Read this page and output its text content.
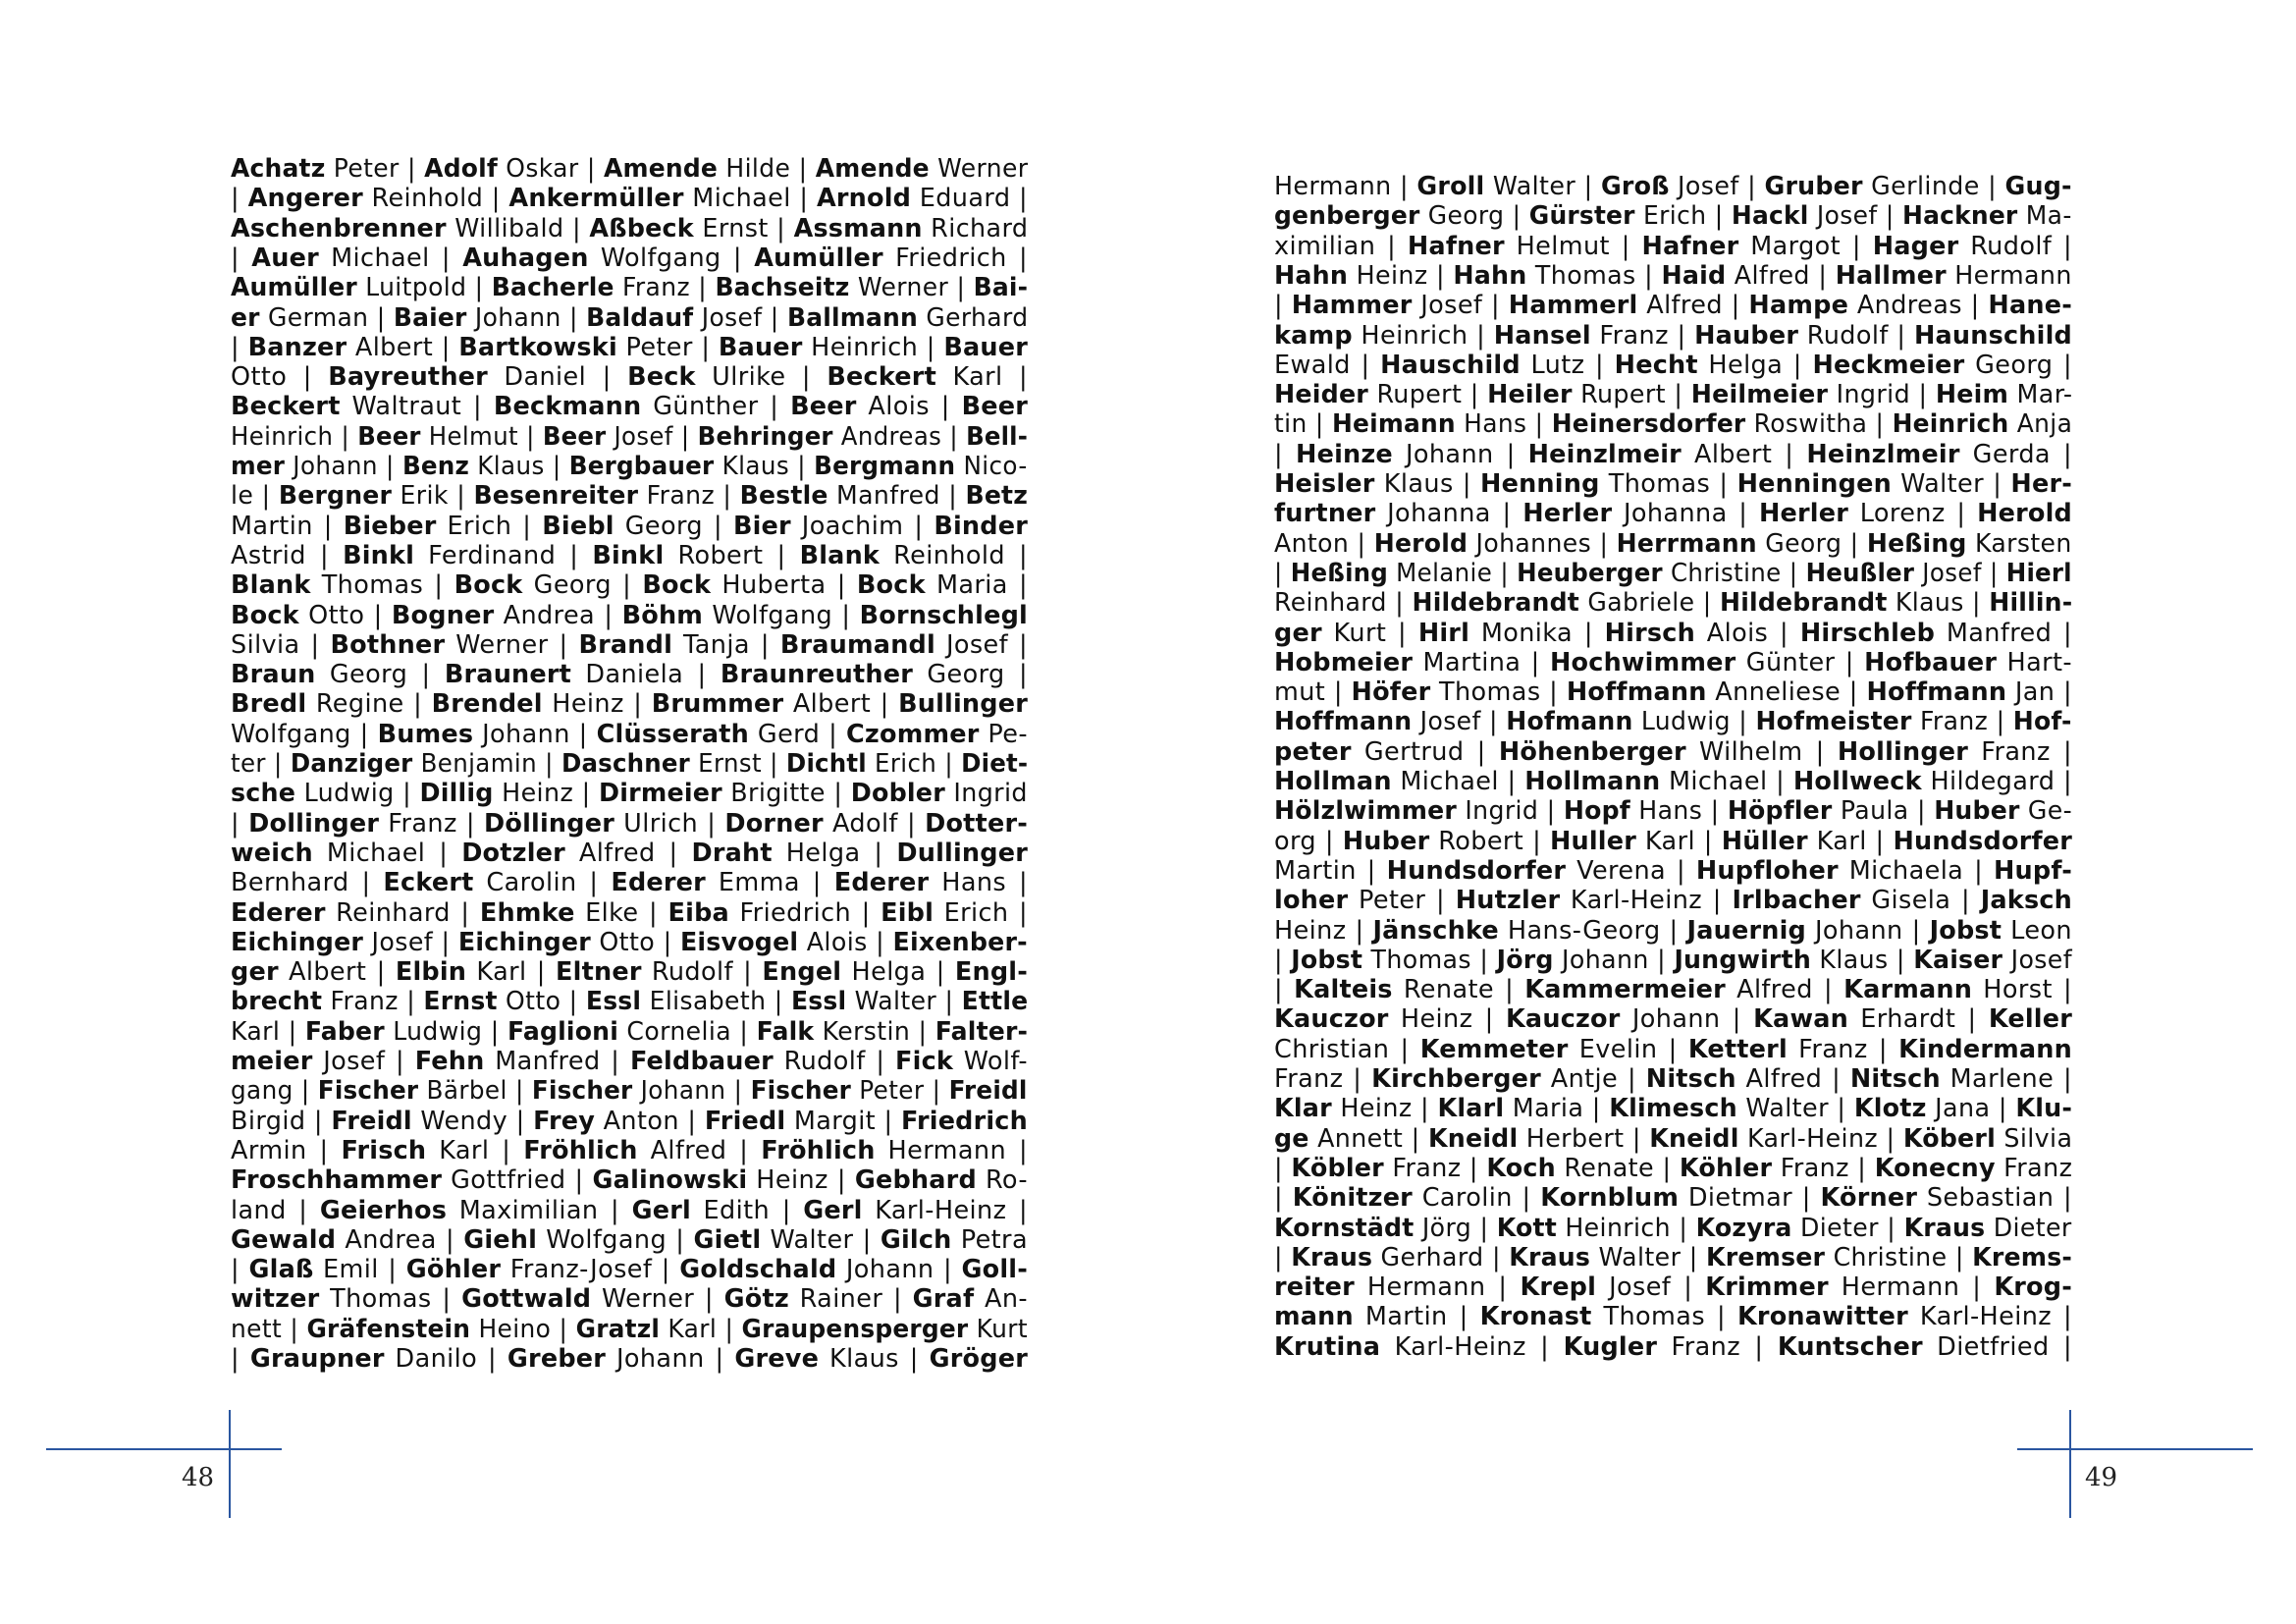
Achatz Peter | Adolf Oskar | Amende Hilde | Amende Werner
| Angerer Reinhold | Ankermüller Michael | Arnold Eduard |
Aschenbrenner Willibald | Aßbeck Ernst | Assmann Richard
| Auer Michael | Auhagen Wolfgang | Aumüller Friedrich |
Aumüller Luitpold | Bacherle Franz | Bachseitz Werner | Bai-
er German | Baier Johann | Baldauf Josef | Ballmann Gerhard
| Banzer Albert | Bartkowski Peter | Bauer Heinrich | Bauer
Otto | Bayreuther Daniel | Beck Ulrike | Beckert Karl |
Beckert Waltraut | Beckmann Günther | Beer Alois | Beer
Heinrich | Beer Helmut | Beer Josef | Behringer Andreas | Bell-
mer Johann | Benz Klaus | Bergbauer Klaus | Bergmann Nico-
le | Bergner Erik | Besenreiter Franz | Bestle Manfred | Betz
Martin | Bieber Erich | Biebl Georg | Bier Joachim | Binder
Astrid | Binkl Ferdinand | Binkl Robert | Blank Reinhold |
Blank Thomas | Bock Georg | Bock Huberta | Bock Maria |
Bock Otto | Bogner Andrea | Böhm Wolfgang | Bornschlegl
Silvia | Bothner Werner | Brandl Tanja | Braumandl Josef |
Braun Georg | Braunert Daniela | Braunreuther Georg |
Bredl Regine | Brendel Heinz | Brummer Albert | Bullinger
Wolfgang | Bumes Johann | Clüsserath Gerd | Czommer Pe-
ter | Danziger Benjamin | Daschner Ernst | Dichtl Erich | Diet-
sche Ludwig | Dillig Heinz | Dirmeier Brigitte | Dobler Ingrid
| Dollinger Franz | Döllinger Ulrich | Dorner Adolf | Dotter-
weich Michael | Dotzler Alfred | Draht Helga | Dullinger
Bernhard | Eckert Carolin | Ederer Emma | Ederer Hans |
Ederer Reinhard | Ehmke Elke | Eiba Friedrich | Eibl Erich |
Eichinger Josef | Eichinger Otto | Eisvogel Alois | Eixenber-
ger Albert | Elbin Karl | Eltner Rudolf | Engel Helga | Engl-
brecht Franz | Ernst Otto | Essl Elisabeth | Essl Walter | Ettle
Karl | Faber Ludwig | Faglioni Cornelia | Falk Kerstin | Falter-
meier Josef | Fehn Manfred | Feldbauer Rudolf | Fick Wolf-
gang | Fischer Bärbel | Fischer Johann | Fischer Peter | Freidl
Birgid | Freidl Wendy | Frey Anton | Friedl Margit | Friedrich
Armin | Frisch Karl | Fröhlich Alfred | Fröhlich Hermann |
Froschhammer Gottfried | Galinowski Heinz | Gebhard Ro-
land | Geierhos Maximilian | Gerl Edith | Gerl Karl-Heinz |
Gewald Andrea | Giehl Wolfgang | Gietl Walter | Gilch Petra
| Glaß Emil | Göhler Franz-Josef | Goldschald Johann | Goll-
witzer Thomas | Gottwald Werner | Götz Rainer | Graf An-
nett | Gräfenstein Heino | Gratzl Karl | Graupensperger Kurt
| Graupner Danilo | Greber Johann | Greve Klaus | Gröger
Hermann | Groll Walter | Groß Josef | Gruber Gerlinde | Gug-
genberger Georg | Gürster Erich | Hackl Josef | Hackner Ma-
ximilian | Hafner Helmut | Hafner Margot | Hager Rudolf |
Hahn Heinz | Hahn Thomas | Haid Alfred | Hallmer Hermann
| Hammer Josef | Hammerl Alfred | Hampe Andreas | Hane-
kamp Heinrich | Hansel Franz | Hauber Rudolf | Haunschild
Ewald | Hauschild Lutz | Hecht Helga | Heckmeier Georg |
Heider Rupert | Heiler Rupert | Heilmeier Ingrid | Heim Mar-
tin | Heimann Hans | Heinersdorfer Roswitha | Heinrich Anja
| Heinze Johann | Heinzlmeir Albert | Heinzlmeir Gerda |
Heisler Klaus | Henning Thomas | Henningen Walter | Her-
furtner Johanna | Herler Johanna | Herler Lorenz | Herold
Anton | Herold Johannes | Herrmann Georg | Heßing Karsten
| Heßing Melanie | Heuberger Christine | Heußler Josef | Hierl
Reinhard | Hildebrandt Gabriele | Hildebrandt Klaus | Hillin-
ger Kurt | Hirl Monika | Hirsch Alois | Hirschleb Manfred |
Hobmeier Martina | Hochwimmer Günter | Hofbauer Hart-
mut | Höfer Thomas | Hoffmann Anneliese | Hoffmann Jan |
Hoffmann Josef | Hofmann Ludwig | Hofmeister Franz | Hof-
peter Gertrud | Höhenberger Wilhelm | Hollinger Franz |
Hollman Michael | Hollmann Michael | Hollweck Hildegard |
Hölzlwimmer Ingrid | Hopf Hans | Höpfler Paula | Huber Ge-
org | Huber Robert | Huller Karl | Hüller Karl | Hundsdorfer
Martin | Hundsdorfer Verena | Hupfloher Michaela | Hupf-
loher Peter | Hutzler Karl-Heinz | Irlbacher Gisela | Jaksch
Heinz | Jänschke Hans-Georg | Jauernig Johann | Jobst Leon
| Jobst Thomas | Jörg Johann | Jungwirth Klaus | Kaiser Josef
| Kalteis Renate | Kammermeier Alfred | Karmann Horst |
Kauczor Heinz | Kauczor Johann | Kawan Erhardt | Keller
Christian | Kemmeter Evelin | Ketterl Franz | Kindermann
Franz | Kirchberger Antje | Nitsch Alfred | Nitsch Marlene |
Klar Heinz | Klarl Maria | Klimesch Walter | Klotz Jana | Klu-
ge Annett | Kneidl Herbert | Kneidl Karl-Heinz | Köberl Silvia
| Köbler Franz | Koch Renate | Köhler Franz | Konecny Franz
| Könitzer Carolin | Kornblum Dietmar | Körner Sebastian |
Kornstädt Jörg | Kott Heinrich | Kozyra Dieter | Kraus Dieter
| Kraus Gerhard | Kraus Walter | Kremser Christine | Krems-
reiter Hermann | Krepl Josef | Krimmer Hermann | Krog-
mann Martin | Kronast Thomas | Kronawitter Karl-Heinz |
Krutina Karl-Heinz | Kugler Franz | Kuntscher Dietfried |
48	49
